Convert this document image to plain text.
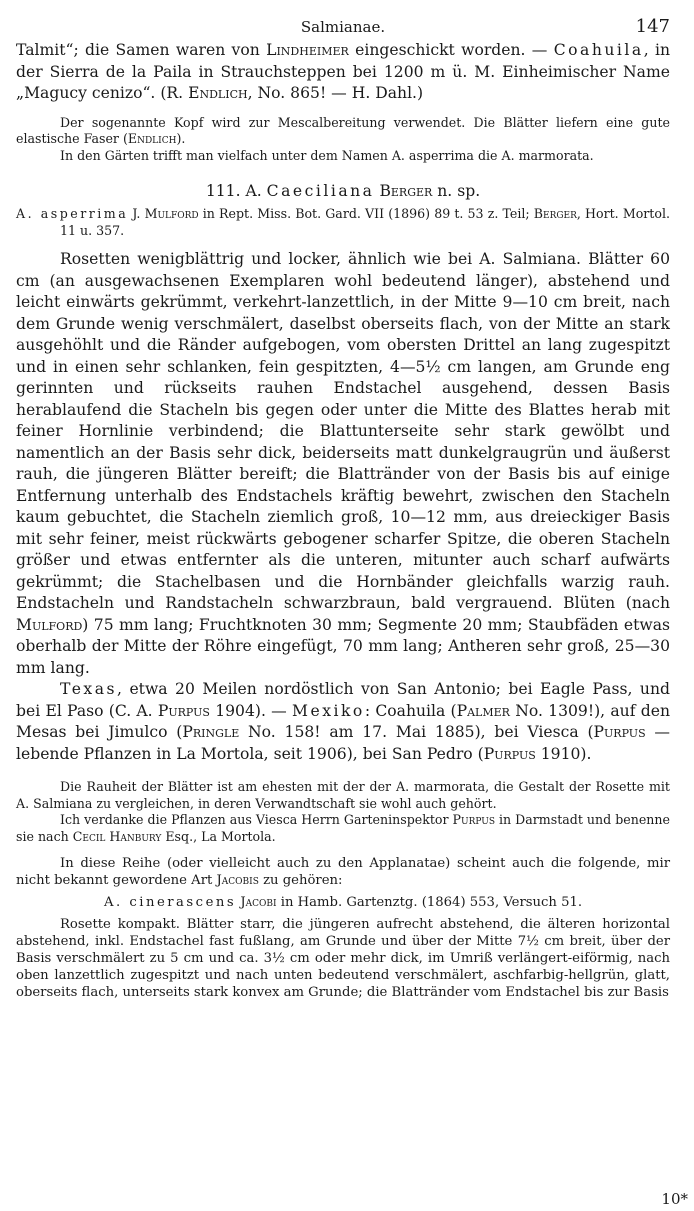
Salmianae.	147

Talmit“; die Samen waren von Lindheimer eingeschickt worden. — Coahuila, in der Sierra de la Paila in Strauchsteppen bei 1200 m ü. M. Einheimischer Name „Magucy cenizo“. (R. Endlich, No. 865! — H. Dahl.)

Der sogenannte Kopf wird zur Mescalbereitung verwendet. Die Blätter liefern eine gute elastische Faser (Endlich).

In den Gärten trifft man vielfach unter dem Namen A. asperrima die A. marmorata.

111. A. Caeciliana Berger n. sp.

A. asperrima J. Mulford in Rept. Miss. Bot. Gard. VII (1896) 89 t. 53 z. Teil; Berger, Hort. Mortol. 11 u. 357.

Rosetten wenigblättrig und locker, ähnlich wie bei A. Salmiana. Blätter 60 cm (an ausgewachsenen Exemplaren wohl bedeutend länger), abstehend und leicht einwärts gekrümmt, verkehrt-lanzettlich, in der Mitte 9—10 cm breit, nach dem Grunde wenig verschmälert, daselbst oberseits flach, von der Mitte an stark ausgehöhlt und die Ränder aufgebogen, vom obersten Drittel an lang zugespitzt und in einen sehr schlanken, fein gespitzten, 4—5½ cm langen, am Grunde eng gerinnten und rückseits rauhen Endstachel ausgehend, dessen Basis herablaufend die Stacheln bis gegen oder unter die Mitte des Blattes herab mit feiner Hornlinie verbindend; die Blattunterseite sehr stark gewölbt und namentlich an der Basis sehr dick, beiderseits matt dunkelgraugrün und äußerst rauh, die jüngeren Blätter bereift; die Blattränder von der Basis bis auf einige Entfernung unterhalb des Endstachels kräftig bewehrt, zwischen den Stacheln kaum gebuchtet, die Stacheln ziemlich groß, 10—12 mm, aus dreieckiger Basis mit sehr feiner, meist rückwärts gebogener scharfer Spitze, die oberen Stacheln größer und etwas entfernter als die unteren, mitunter auch scharf aufwärts gekrümmt; die Stachelbasen und die Hornbänder gleichfalls warzig rauh. Endstacheln und Randstacheln schwarzbraun, bald vergrauend. Blüten (nach Mulford) 75 mm lang; Fruchtknoten 30 mm; Segmente 20 mm; Staubfäden etwas oberhalb der Mitte der Röhre eingefügt, 70 mm lang; Antheren sehr groß, 25—30 mm lang.

Texas, etwa 20 Meilen nordöstlich von San Antonio; bei Eagle Pass, und bei El Paso (C. A. Purpus 1904). — Mexiko: Coahuila (Palmer No. 1309!), auf den Mesas bei Jimulco (Pringle No. 158! am 17. Mai 1885), bei Viesca (Purpus — lebende Pflanzen in La Mortola, seit 1906), bei San Pedro (Purpus 1910).

Die Rauheit der Blätter ist am ehesten mit der der A. marmorata, die Gestalt der Rosette mit A. Salmiana zu vergleichen, in deren Verwandtschaft sie wohl auch gehört.

Ich verdanke die Pflanzen aus Viesca Herrn Garteninspektor Purpus in Darmstadt und benenne sie nach Cecil Hanbury Esq., La Mortola.

In diese Reihe (oder vielleicht auch zu den Applanatae) scheint auch die folgende, mir nicht bekannt gewordene Art Jacobis zu gehören:

A. cinerascens Jacobi in Hamb. Gartenztg. (1864) 553, Versuch 51.

Rosette kompakt. Blätter starr, die jüngeren aufrecht abstehend, die älteren horizontal abstehend, inkl. Endstachel fast fußlang, am Grunde und über der Mitte 7½ cm breit, über der Basis verschmälert zu 5 cm und ca. 3½ cm oder mehr dick, im Umriß verlängert-eiförmig, nach oben lanzettlich zugespitzt und nach unten bedeutend verschmälert, aschfarbig-hellgrün, glatt, oberseits flach, unterseits stark konvex am Grunde; die Blattränder vom Endstachel bis zur Basis

10*
